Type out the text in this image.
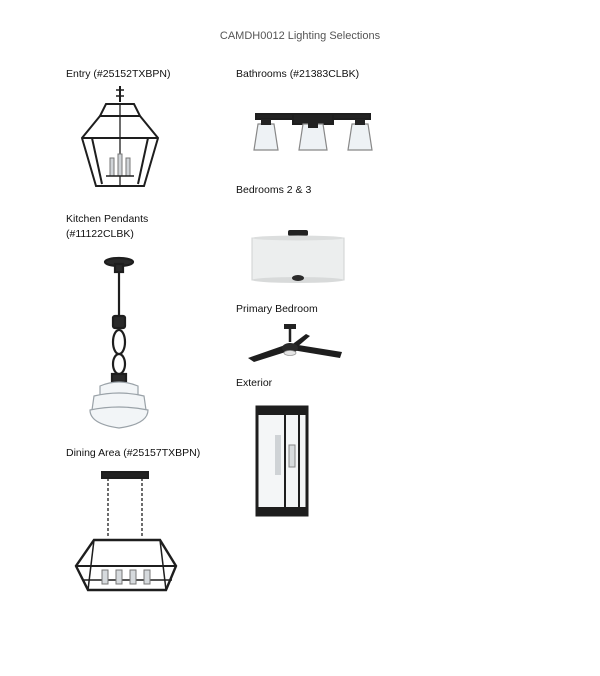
CAMDH0012 Lighting Selections
Entry (#25152TXBPN)	Bathrooms (#21383CLBK)
Bedrooms 2 & 3
Kitchen Pendants
(#11122CLBK)
Primary Bedroom
Exterior
Dining Area (#25157TXBPN)
